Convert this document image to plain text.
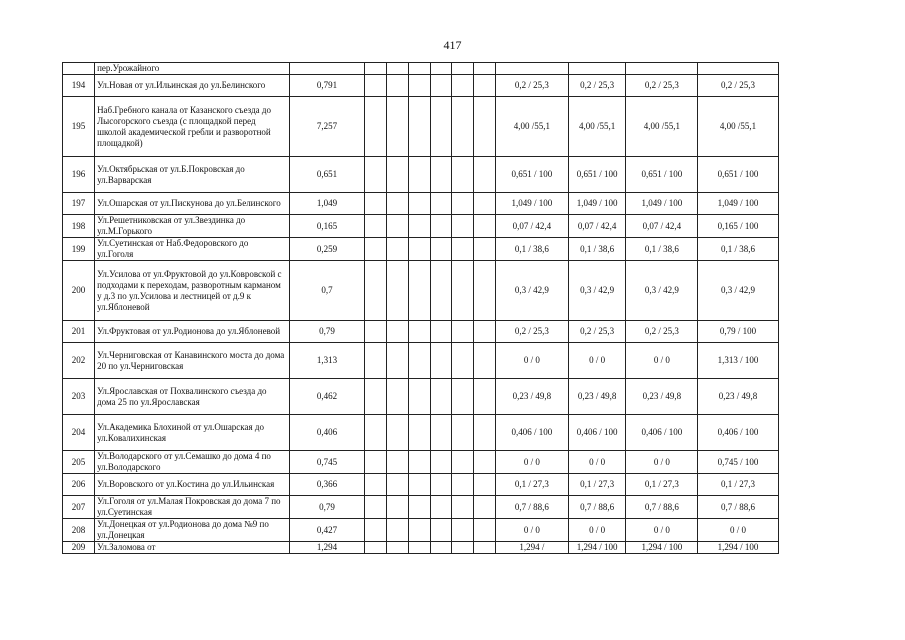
417
	пер.Урожайного											
194	Ул.Новая от ул.Ильинская до ул.Белинского	0,791							0,2 / 25,3	0,2 / 25,3	0,2 / 25,3	0,2 / 25,3
195	Наб.Гребного канала от Казанского съезда до Лысогорского съезда (с площадкой перед школой академической гребли и разворотной площадкой)	7,257							4,00 /55,1	4,00 /55,1	4,00 /55,1	4,00 /55,1
196	Ул.Октябрьская от ул.Б.Покровская до ул.Варварская	0,651							0,651 / 100	0,651 / 100	0,651 / 100	0,651 / 100
197	Ул.Ошарская от ул.Пискунова до ул.Белинского	1,049							1,049 / 100	1,049 / 100	1,049 / 100	1,049 / 100
198	Ул.Решетниковская от ул.Звездинка до ул.М.Горького	0,165							0,07 / 42,4	0,07 / 42,4	0,07 / 42,4	0,165 / 100
199	Ул.Суетинская от Наб.Федоровского до ул.Гоголя	0,259							0,1 / 38,6	0,1 / 38,6	0,1 / 38,6	0,1 / 38,6
200	Ул.Усилова от ул.Фруктовой до ул.Ковровской с подходами к переходам, разворотным карманом у д.3 по ул.Усилова и лестницей от д.9 к ул.Яблоневой	0,7							0,3 / 42,9	0,3 / 42,9	0,3 / 42,9	0,3 / 42,9
201	Ул.Фруктовая от ул.Родионова до ул.Яблоневой	0,79							0,2 / 25,3	0,2 / 25,3	0,2 / 25,3	0,79 / 100
202	Ул.Черниговская от Канавинского моста до дома 20 по ул.Черниговская	1,313							0 / 0	0 / 0	0 / 0	1,313 / 100
203	Ул.Ярославская от Похвалинского съезда до дома 25 по ул.Ярославская	0,462							0,23 / 49,8	0,23 / 49,8	0,23 / 49,8	0,23 / 49,8
204	Ул.Академика Блохиной от ул.Ошарская до ул.Ковалихинская	0,406							0,406 / 100	0,406 / 100	0,406 / 100	0,406 / 100
205	Ул.Володарского от ул.Семашко до дома 4 по ул.Володарского	0,745							0 / 0	0 / 0	0 / 0	0,745 / 100
206	Ул.Воровского от ул.Костина до ул.Ильинская	0,366							0,1 / 27,3	0,1 / 27,3	0,1 / 27,3	0,1 / 27,3
207	Ул.Гоголя от ул.Малая Покровская до дома 7 по ул.Суетинская	0,79							0,7 / 88,6	0,7 / 88,6	0,7 / 88,6	0,7 / 88,6
208	Ул.Донецкая от ул.Родионова до дома №9 по ул.Донецкая	0,427							0 / 0	0 / 0	0 / 0	0 / 0
209	Ул.Заломова от	1,294							1,294 /	1,294 / 100	1,294 / 100	1,294 / 100
